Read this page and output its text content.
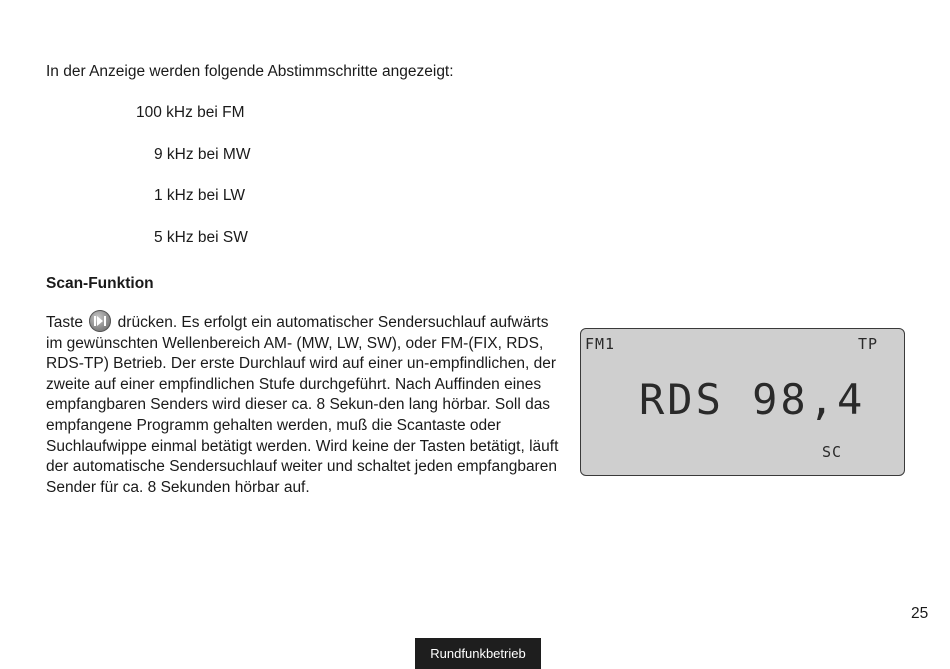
In der Anzeige werden folgende Abstimmschritte angezeigt:
100 kHz bei FM
9 kHz bei MW
1 kHz bei LW
5 kHz bei SW
Scan-Funktion

Taste
drücken. Es erfolgt ein automatischer Sendersuchlauf aufwärts im gewünschten Wellenbereich AM- (MW, LW, SW), oder FM-(FIX, RDS, RDS-TP) Betrieb. Der erste Durchlauf wird auf einer un-empfindlichen, der zweite auf einer empfindlichen Stufe durchgeführt. Nach Auffinden eines empfangbaren Senders wird dieser ca. 8 Sekun-den lang hörbar. Soll das empfangene Programm gehalten werden, muß die Scantaste oder Suchlaufwippe einmal betätigt werden. Wird keine der Tasten betätigt, läuft der automatische Sendersuchlauf weiter und schaltet jeden empfangbaren Sender für ca. 8 Sekunden hörbar auf.

FM1	TP
RDS 98,4
SC
25
Rundfunkbetrieb
